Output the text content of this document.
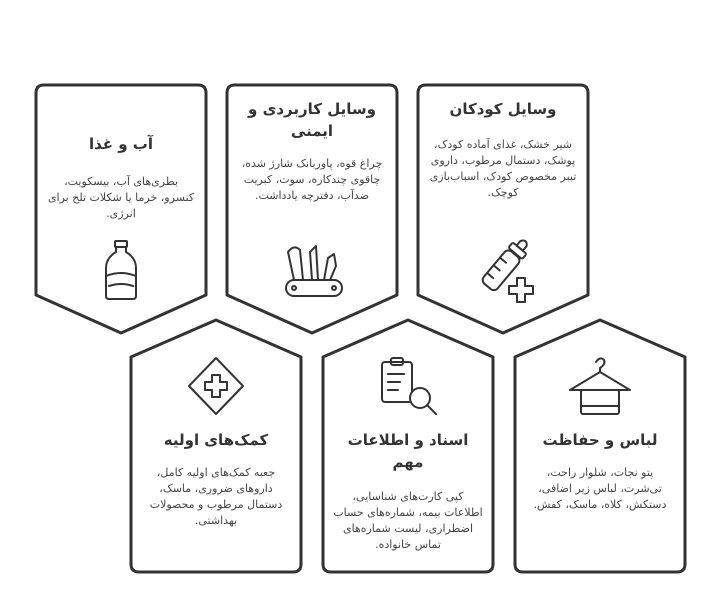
آب و غذا
بطری‌های آب، بیسکویت، کنسرو، خرما یا شکلات تلخ برای انرژی.
وسایل کاربردی و ایمنی
چراغ قوه، پاوربانک شارژ شده، چاقوی چندکاره، سوت، کبریت ضدآب، دفترچه یادداشت.
وسایل کودکان
شیر خشک، غذای آماده کودک، پوشک، دستمال مرطوب، داروی تببر مخصوص کودک، اسباب‌بازی کوچک.
کمک‌های اولیه
جعبه کمک‌های اولیه کامل، داروهای ضروری، ماسک، دستمال مرطوب و محصولات بهداشتی.
اسناد و اطلاعات مهم
کپی کارت‌های شناسایی، اطلاعات بیمه، شماره‌های حساب اضطراری، لیست شماره‌های تماس خانواده.
لباس و حفاظت
پتو نجات، شلوار راحت، تی‌شرت، لباس زیر اضافی، دستکش، کلاه، ماسک، کفش.
